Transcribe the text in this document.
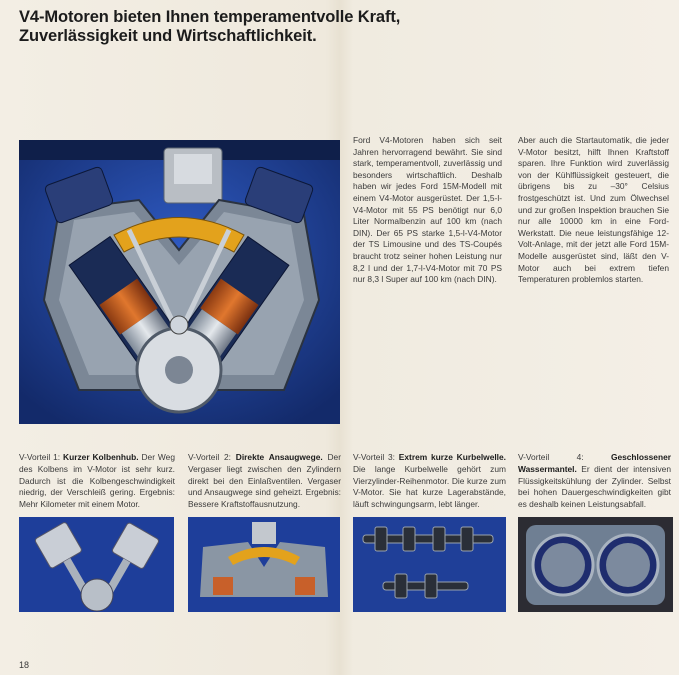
V4-Motoren bieten Ihnen temperamentvolle Kraft,
Zuverlässigkeit und Wirtschaftlichkeit.
Ford V4-Motoren haben sich seit Jahren hervorragend bewährt. Sie sind stark, temperamentvoll, zuverlässig und besonders wirtschaftlich. Deshalb haben wir jedes Ford 15M-Modell mit einem V4-Motor ausgerüstet. Der 1,5-l-V4-Motor mit 55 PS benötigt nur 6,0 Liter Normalbenzin auf 100 km (nach DIN). Der 65 PS starke 1,5-l-V4-Motor der TS Limousine und des TS-Coupés braucht trotz seiner hohen Leistung nur 8,2 l und der 1,7-l-V4-Motor mit 70 PS nur 8,3 l Super auf 100 km (nach DIN).
Aber auch die Startautomatik, die jeder V-Motor besitzt, hilft Ihnen Kraftstoff sparen. Ihre Funktion wird zuverlässig von der Kühlflüssigkeit gesteuert, die übrigens bis zu –30° Celsius frostgeschützt ist. Und zum Ölwechsel und zur großen Inspektion brauchen Sie nur alle 10000 km in eine Ford-Werkstatt. Die neue leistungsfähige 12-Volt-Anlage, mit der jetzt alle Ford 15M-Modelle ausgerüstet sind, läßt den V-Motor auch bei extrem tiefen Temperaturen problemlos starten.
V-Vorteil 1: Kurzer Kolbenhub. Der Weg des Kolbens im V-Motor ist sehr kurz. Dadurch ist die Kolbengeschwindigkeit niedrig, der Verschleiß gering. Ergebnis: Mehr Kilometer mit einem Motor.
V-Vorteil 2: Direkte Ansaugwege. Der Vergaser liegt zwischen den Zylindern direkt bei den Einlaßventilen. Vergaser und Ansaugwege sind geheizt. Ergebnis: Bessere Kraftstoffausnutzung.
V-Vorteil 3: Extrem kurze Kurbelwelle. Die lange Kurbelwelle gehört zum Vierzylinder-Reihenmotor. Die kurze zum V-Motor. Sie hat kurze Lagerabstände, läuft schwingungsarm, lebt länger.
V-Vorteil 4: Geschlossener Wassermantel. Er dient der intensiven Flüssigkeitskühlung der Zylinder. Selbst bei hohen Dauergeschwindigkeiten gibt es deshalb keinen Leistungsabfall.
18
